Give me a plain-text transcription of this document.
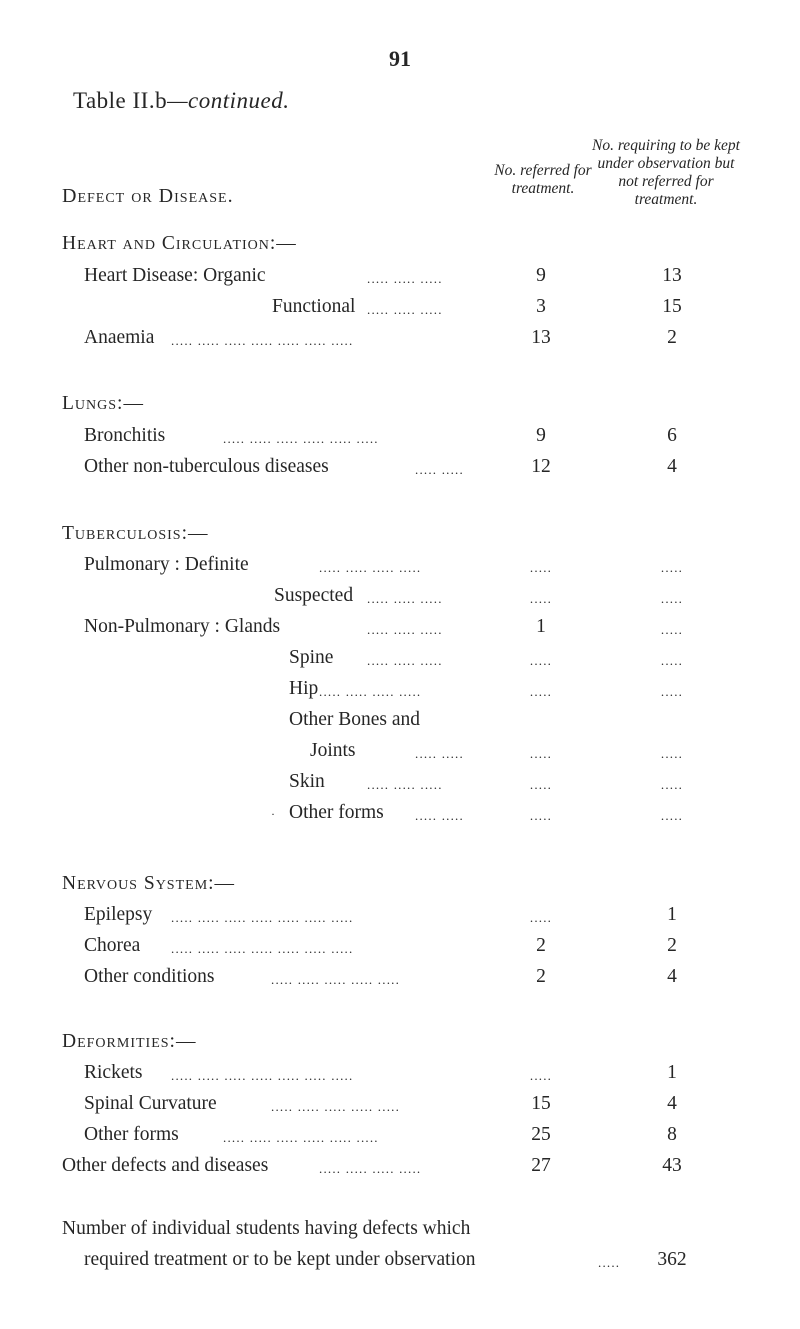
91
Table II.b—continued.
Defect or Disease.
No. referred for treatment.
No. requiring to be kept under observation but not referred for treatment.
Heart and Circulation:—
Heart Disease: Organic	..... ..... .....	9	13
Functional ..... ..... .....	3	15
Anaemia ..... ..... ..... ..... ..... ..... .....	13	2
Lungs:—
Bronchitis	..... ..... ..... ..... ..... .....	9	6
Other non-tuberculous diseases	..... .....	12	4
Tuberculosis:—
Pulmonary : Definite	..... ..... ..... .....	.....	.....
Suspected ..... ..... .....	.....	.....
Non-Pulmonary : Glands	..... ..... .....	1	.....
Spine	..... ..... .....	.....	.....
Hip ..... ..... ..... .....	.....	.....
Other Bones and
Joints	..... .....	.....	.....
Skin	..... ..... .....	.....	.....
· Other forms ..... .....	.....	.....
Nervous System:—
Epilepsy ..... ..... ..... ..... ..... ..... .....	.....	1
Chorea ..... ..... ..... ..... ..... ..... .....	2	2
Other conditions	..... ..... ..... ..... .....	2	4
Deformities:—
Rickets ..... ..... ..... ..... ..... ..... .....	.....	1
Spinal Curvature	..... ..... ..... ..... .....	15	4
Other forms	..... ..... ..... ..... ..... .....	25	8
Other defects and diseases	..... ..... ..... .....	27	43
Number of individual students having defects which
required treatment or to be kept under observation	.....	362
